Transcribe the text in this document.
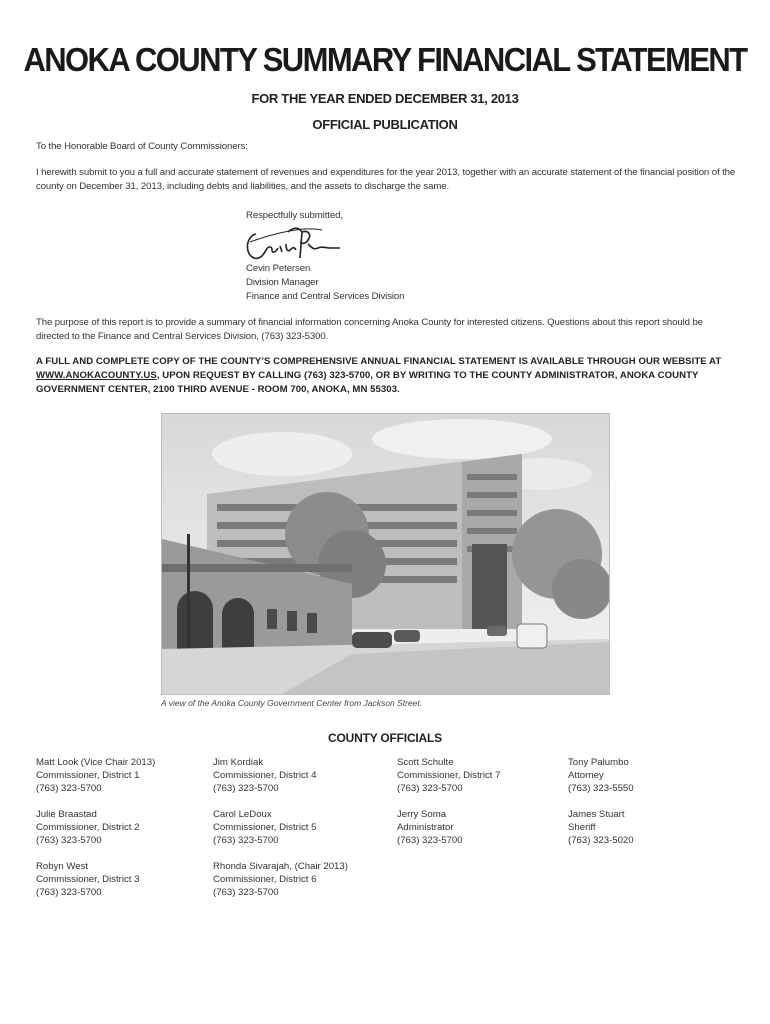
ANOKA COUNTY SUMMARY FINANCIAL STATEMENT
FOR THE YEAR ENDED DECEMBER 31, 2013
OFFICIAL PUBLICATION
To the Honorable Board of County Commissioners:
I herewith submit to you a full and accurate statement of revenues and expenditures for the year 2013, together with an accurate statement of the financial position of the county on December 31, 2013, including debts and liabilities, and the assets to discharge the same.
Respectfully submitted,
Cevin Petersen
Division Manager
Finance and Central Services Division
The purpose of this report is to provide a summary of financial information concerning Anoka County for interested citizens. Questions about this report should be directed to the Finance and Central Services Division, (763) 323-5300.
A FULL AND COMPLETE COPY OF THE COUNTY’S COMPREHENSIVE ANNUAL FINANCIAL STATEMENT IS AVAILABLE THROUGH OUR WEBSITE AT WWW.ANOKACOUNTY.US, UPON REQUEST BY CALLING (763) 323-5700, OR BY WRITING TO THE COUNTY ADMINISTRATOR, ANOKA COUNTY GOVERNMENT CENTER, 2100 THIRD AVENUE - ROOM 700, ANOKA, MN 55303.
A view of the Anoka County Government Center from Jackson Street.
COUNTY OFFICIALS
Matt Look (Vice Chair 2013)
Commissioner, District 1
(763) 323-5700
Jim Kordiak
Commissioner, District 4
(763) 323-5700
Scott Schulte
Commissioner, District 7
(763) 323-5700
Tony Palumbo
Attorney
(763) 323-5550
Julie Braastad
Commissioner, District 2
(763) 323-5700
Carol LeDoux
Commissioner, District 5
(763) 323-5700
Jerry Soma
Administrator
(763) 323-5700
James Stuart
Sheriff
(763) 323-5020
Robyn West
Commissioner, District 3
(763) 323-5700
Rhonda Sivarajah, (Chair 2013)
Commissioner, District 6
(763) 323-5700
